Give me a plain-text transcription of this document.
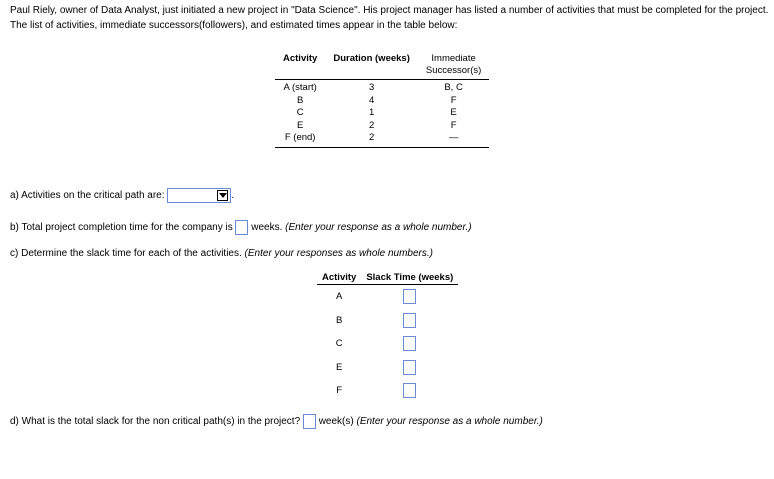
Paul Riely, owner of Data Analyst, just initiated a new project in "Data Science". His project manager has listed a number of activities that must be completed for the project. The list of activities, immediate successors(followers), and estimated times appear in the table below:

Activity	Duration (weeks)	Immediate
Successor(s)
A (start)	3	B, C
B	4	F
C	1	E
E	2	F
F (end)	2	—
a) Activities on the critical path are:	.
b) Total project completion time for the company is weeks. (Enter your response as a whole number.)
c) Determine the slack time for each of the activities. (Enter your responses as whole numbers.)
Activity	Slack Time (weeks)
A	
B	
C	
E	
F	
d) What is the total slack for the non critical path(s) in the project? week(s) (Enter your response as a whole number.)
